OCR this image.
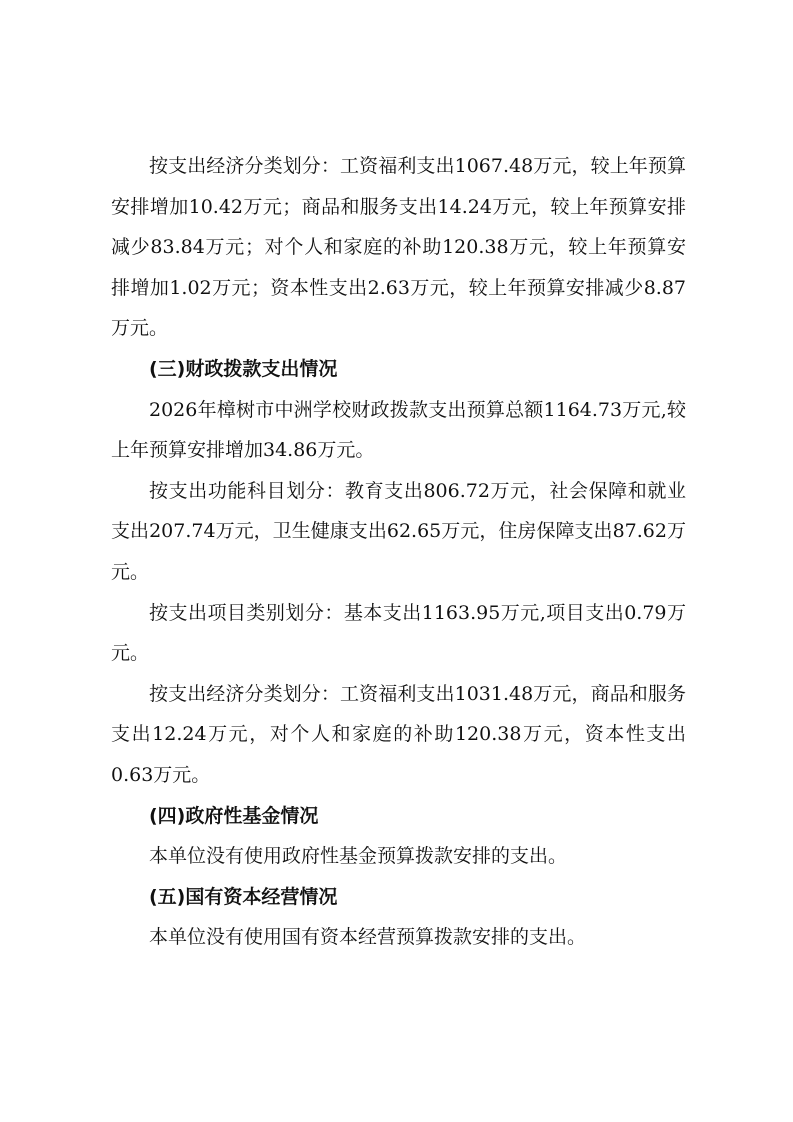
按支出经济分类划分：工资福利支出1067.48万元，较上年预算安排增加10.42万元；商品和服务支出14.24万元，较上年预算安排减少83.84万元；对个人和家庭的补助120.38万元，较上年预算安排增加1.02万元；资本性支出2.63万元，较上年预算安排减少8.87万元。

(三)财政拨款支出情况

2026年樟树市中洲学校财政拨款支出预算总额1164.73万元,较上年预算安排增加34.86万元。

按支出功能科目划分：教育支出806.72万元，社会保障和就业支出207.74万元，卫生健康支出62.65万元，住房保障支出87.62万元。

按支出项目类别划分：基本支出1163.95万元,项目支出0.79万元。

按支出经济分类划分：工资福利支出1031.48万元，商品和服务支出12.24万元，对个人和家庭的补助120.38万元，资本性支出0.63万元。

(四)政府性基金情况

本单位没有使用政府性基金预算拨款安排的支出。

(五)国有资本经营情况

本单位没有使用国有资本经营预算拨款安排的支出。
